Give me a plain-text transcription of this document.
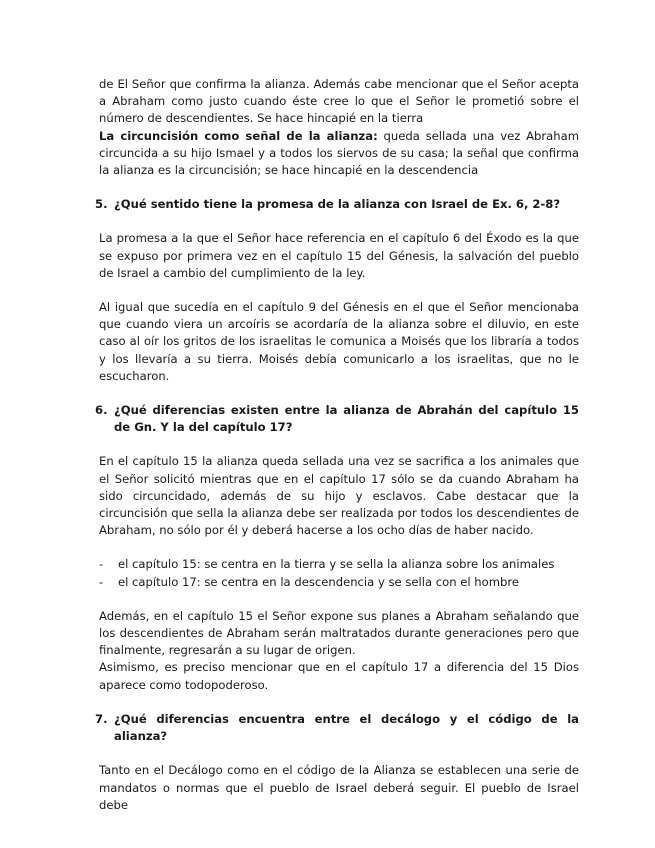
de El Señor que confirma la alianza. Además cabe mencionar que el Señor acepta a Abraham como justo cuando éste cree lo que el Señor le prometió sobre el número de descendientes. Se hace hincapié en la tierra

La circuncisión como señal de la alianza: queda sellada una vez Abraham circuncida a su hijo Ismael y a todos los siervos de su casa; la señal que confirma la alianza es la circuncisión; se hace hincapié en la descendencia

5. ¿Qué sentido tiene la promesa de la alianza con Israel de Ex. 6, 2-8?

La promesa a la que el Señor hace referencia en el capítulo 6 del Éxodo es la que se expuso por primera vez en el capítulo 15 del Génesis, la salvación del pueblo de Israel a cambio del cumplimiento de la ley.

Al igual que sucedía en el capítulo 9 del Génesis en el que el Señor mencionaba que cuando viera un arcoíris se acordaría de la alianza sobre el diluvio, en este caso al oír los gritos de los israelitas le comunica a Moisés que los libraría a todos y los llevaría a su tierra. Moisés debía comunicarlo a los israelitas, que no le escucharon.

6. ¿Qué diferencias existen entre la alianza de Abrahán del capítulo 15 de Gn. Y la del capítulo 17?

En el capítulo 15 la alianza queda sellada una vez se sacrifica a los animales que el Señor solicitó mientras que en el capítulo 17 sólo se da cuando Abraham ha sido circuncidado, además de su hijo y esclavos. Cabe destacar que la circuncisión que sella la alianza debe ser realizada por todos los descendientes de Abraham, no sólo por él y deberá hacerse a los ocho días de haber nacido.

-	el capítulo 15: se centra en la tierra y se sella la alianza sobre los animales
-	el capítulo 17: se centra en la descendencia y se sella con el hombre

Además, en el capítulo 15 el Señor expone sus planes a Abraham señalando que los descendientes de Abraham serán maltratados durante generaciones pero que finalmente, regresarán a su lugar de origen.

Asimismo, es preciso mencionar que en el capítulo 17 a diferencia del 15 Dios aparece como todopoderoso.

7. ¿Qué diferencias encuentra entre el decálogo y el código de la alianza?

Tanto en el Decálogo como en el código de la Alianza se establecen una serie de mandatos o normas que el pueblo de Israel deberá seguir. El pueblo de Israel debe
